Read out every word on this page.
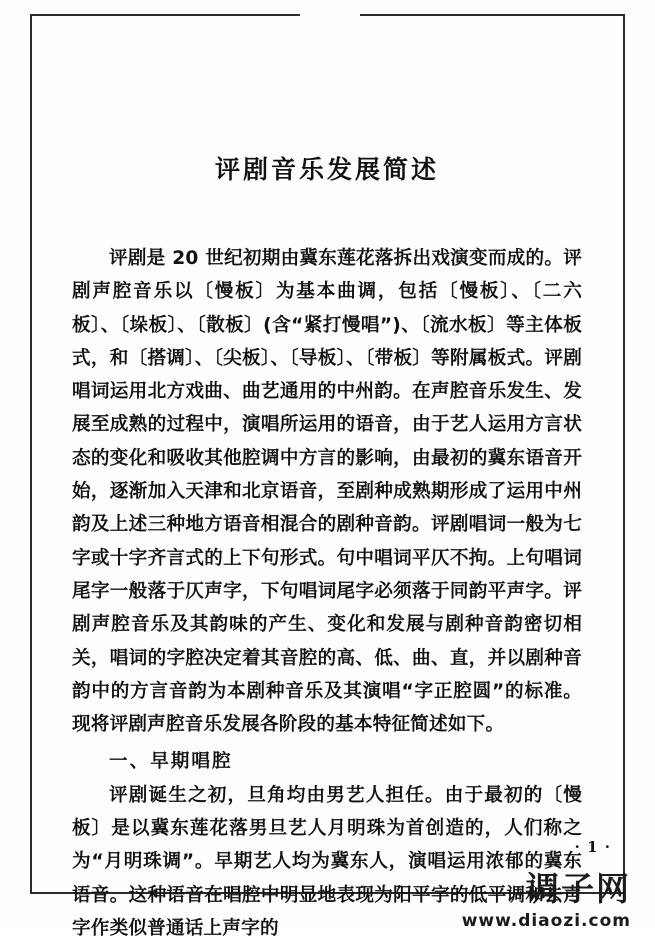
评剧音乐发展简述

评剧是 20 世纪初期由冀东莲花落拆出戏演变而成的。评剧声腔音乐以〔慢板〕为基本曲调，包括〔慢板〕、〔二六板〕、〔垛板〕、〔散板〕(含“紧打慢唱”)、〔流水板〕等主体板式，和〔搭调〕、〔尖板〕、〔导板〕、〔带板〕等附属板式。评剧唱词运用北方戏曲、曲艺通用的中州韵。在声腔音乐发生、发展至成熟的过程中，演唱所运用的语音，由于艺人运用方言状态的变化和吸收其他腔调中方言的影响，由最初的冀东语音开始，逐渐加入天津和北京语音，至剧种成熟期形成了运用中州韵及上述三种地方语音相混合的剧种音韵。评剧唱词一般为七字或十字齐言式的上下句形式。句中唱词平仄不拘。上句唱词尾字一般落于仄声字，下句唱词尾字必须落于同韵平声字。评剧声腔音乐及其韵味的产生、变化和发展与剧种音韵密切相关，唱词的字腔决定着其音腔的高、低、曲、直，并以剧种音韵中的方言音韵为本剧种音乐及其演唱“字正腔圆”的标准。现将评剧声腔音乐发展各阶段的基本特征简述如下。

一、早期唱腔

评剧诞生之初，旦角均由男艺人担任。由于最初的〔慢板〕是以冀东莲花落男旦艺人月明珠为首创造的，人们称之为“月明珠调”。早期艺人均为冀东人，演唱运用浓郁的冀东语音。这种语音在唱腔中明显地表现为阳平字的低平调和去声字作类似普通话上声字的

· 1 ·
调子网
www.diaozi.com
